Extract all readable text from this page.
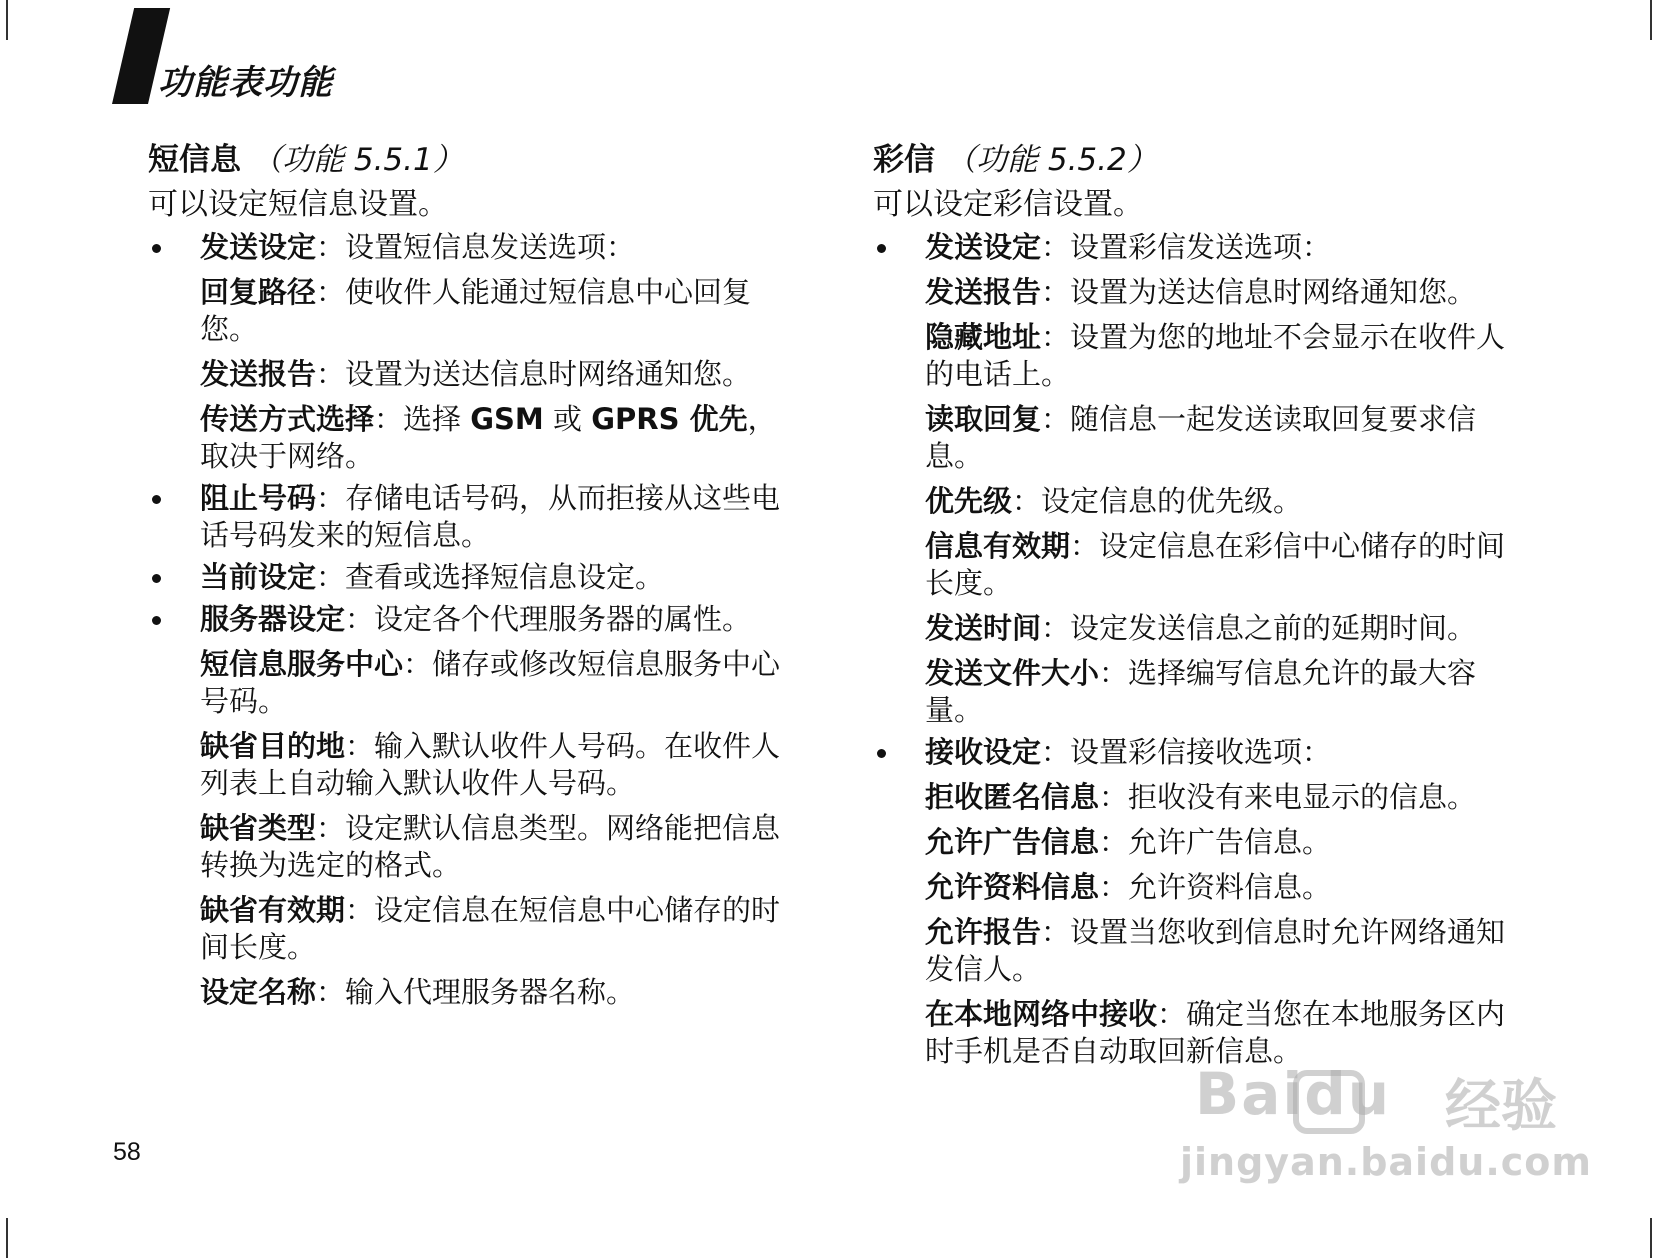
功能表功能
短信息 （功能 5.5.1）
可以设定短信息设置。
发送设定：设置短信息发送选项：
回复路径：使收件人能通过短信息中心回复您。
发送报告：设置为送达信息时网络通知您。
传送方式选择：选择 GSM 或 GPRS 优先，取决于网络。
阻止号码：存储电话号码，从而拒接从这些电话号码发来的短信息。
当前设定：查看或选择短信息设定。
服务器设定：设定各个代理服务器的属性。
短信息服务中心：储存或修改短信息服务中心号码。
缺省目的地：输入默认收件人号码。在收件人列表上自动输入默认收件人号码。
缺省类型：设定默认信息类型。网络能把信息转换为选定的格式。
缺省有效期：设定信息在短信息中心储存的时间长度。
设定名称：输入代理服务器名称。
彩信 （功能 5.5.2）
可以设定彩信设置。
发送设定：设置彩信发送选项：
发送报告：设置为送达信息时网络通知您。
隐藏地址：设置为您的地址不会显示在收件人的电话上。
读取回复：随信息一起发送读取回复要求信息。
优先级：设定信息的优先级。
信息有效期：设定信息在彩信中心储存的时间长度。
发送时间：设定发送信息之前的延期时间。
发送文件大小：选择编写信息允许的最大容量。
接收设定：设置彩信接收选项：
拒收匿名信息：拒收没有来电显示的信息。
允许广告信息：允许广告信息。
允许资料信息：允许资料信息。
允许报告：设置当您收到信息时允许网络通知发信人。
在本地网络中接收：确定当您在本地服务区内时手机是否自动取回新信息。
58
Baidu 经验
jingyan.baidu.com
